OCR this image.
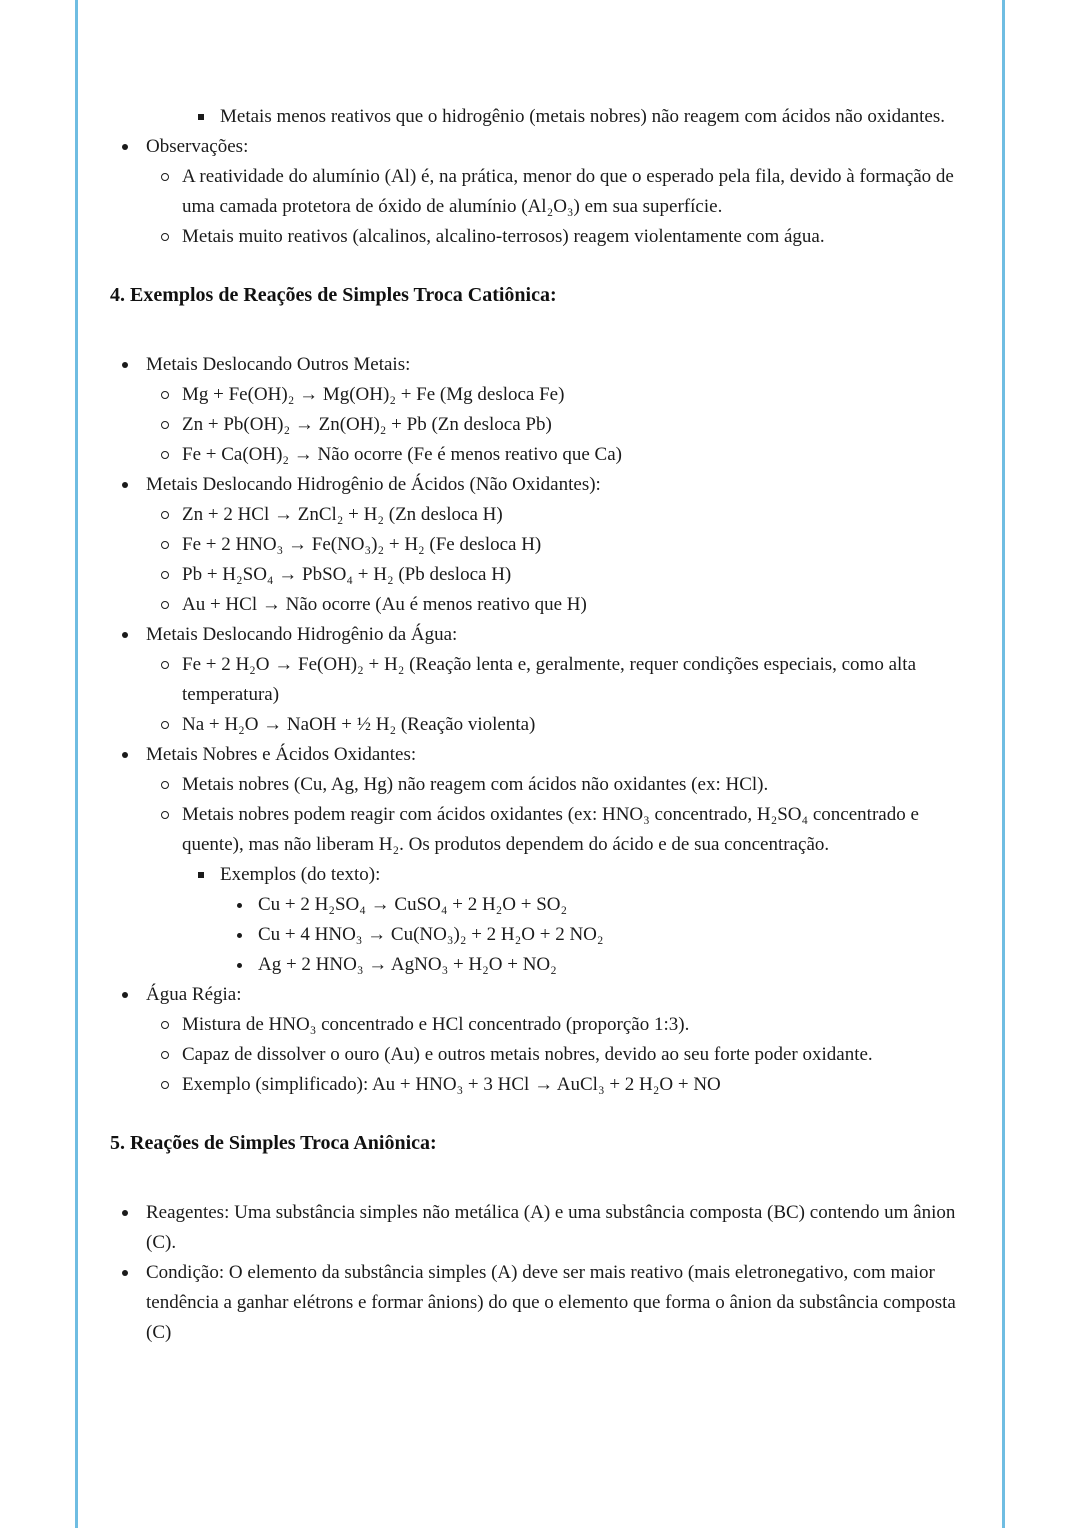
Metais menos reativos que o hidrogênio (metais nobres) não reagem com ácidos não oxidantes.
Observações:
A reatividade do alumínio (Al) é, na prática, menor do que o esperado pela fila, devido à formação de uma camada protetora de óxido de alumínio (Al₂O₃) em sua superfície.
Metais muito reativos (alcalinos, alcalino-terrosos) reagem violentamente com água.
4. Exemplos de Reações de Simples Troca Catiônica:
Metais Deslocando Outros Metais:
Mg + Fe(OH)₂ → Mg(OH)₂ + Fe (Mg desloca Fe)
Zn + Pb(OH)₂ → Zn(OH)₂ + Pb (Zn desloca Pb)
Fe + Ca(OH)₂ → Não ocorre (Fe é menos reativo que Ca)
Metais Deslocando Hidrogênio de Ácidos (Não Oxidantes):
Zn + 2 HCl → ZnCl₂ + H₂ (Zn desloca H)
Fe + 2 HNO₃ → Fe(NO₃)₂ + H₂ (Fe desloca H)
Pb + H₂SO₄ → PbSO₄ + H₂ (Pb desloca H)
Au + HCl → Não ocorre (Au é menos reativo que H)
Metais Deslocando Hidrogênio da Água:
Fe + 2 H₂O → Fe(OH)₂ + H₂ (Reação lenta e, geralmente, requer condições especiais, como alta temperatura)
Na + H₂O → NaOH + ½ H₂ (Reação violenta)
Metais Nobres e Ácidos Oxidantes:
Metais nobres (Cu, Ag, Hg) não reagem com ácidos não oxidantes (ex: HCl).
Metais nobres podem reagir com ácidos oxidantes (ex: HNO₃ concentrado, H₂SO₄ concentrado e quente), mas não liberam H₂. Os produtos dependem do ácido e de sua concentração.
Exemplos (do texto):
Cu + 2 H₂SO₄ → CuSO₄ + 2 H₂O + SO₂
Cu + 4 HNO₃ → Cu(NO₃)₂ + 2 H₂O + 2 NO₂
Ag + 2 HNO₃ → AgNO₃ + H₂O + NO₂
Água Régia:
Mistura de HNO₃ concentrado e HCl concentrado (proporção 1:3).
Capaz de dissolver o ouro (Au) e outros metais nobres, devido ao seu forte poder oxidante.
Exemplo (simplificado): Au + HNO₃ + 3 HCl → AuCl₃ + 2 H₂O + NO
5. Reações de Simples Troca Aniônica:
Reagentes: Uma substância simples não metálica (A) e uma substância composta (BC) contendo um ânion (C).
Condição: O elemento da substância simples (A) deve ser mais reativo (mais eletronegativo, com maior tendência a ganhar elétrons e formar ânions) do que o elemento que forma o ânion da substância composta (C)
